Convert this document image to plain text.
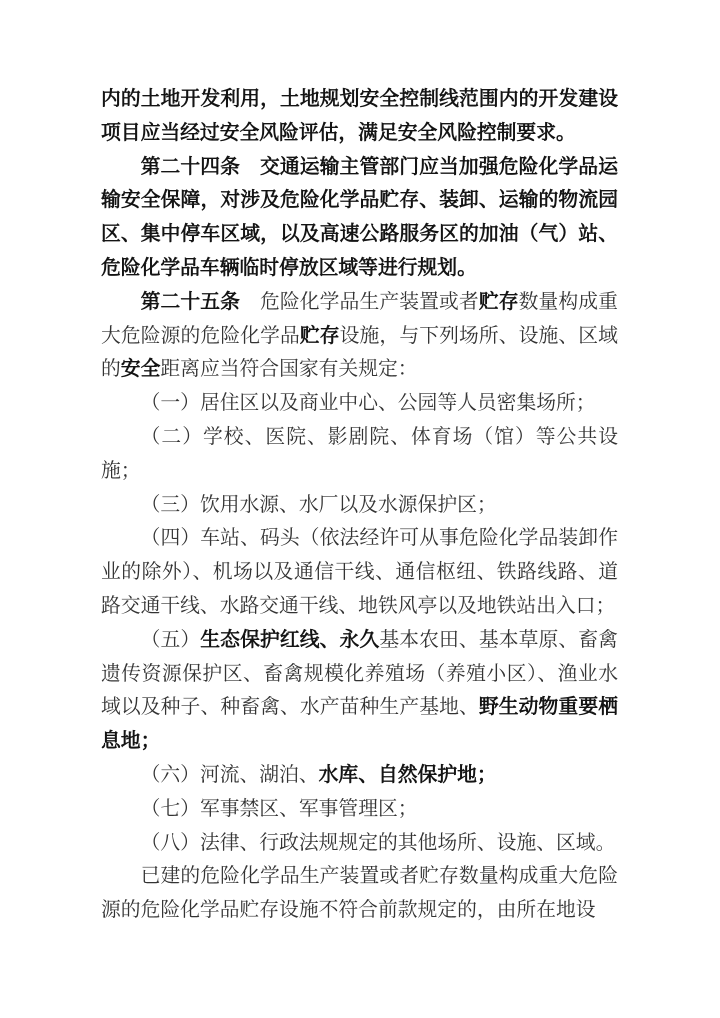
内的土地开发利用，土地规划安全控制线范围内的开发建设项目应当经过安全风险评估，满足安全风险控制要求。

第二十四条　交通运输主管部门应当加强危险化学品运输安全保障，对涉及危险化学品贮存、装卸、运输的物流园区、集中停车区域，以及高速公路服务区的加油（气）站、危险化学品车辆临时停放区域等进行规划。

第二十五条　危险化学品生产装置或者贮存数量构成重大危险源的危险化学品贮存设施，与下列场所、设施、区域的安全距离应当符合国家有关规定：

（一）居住区以及商业中心、公园等人员密集场所；

（二）学校、医院、影剧院、体育场（馆）等公共设施；

（三）饮用水源、水厂以及水源保护区；

（四）车站、码头（依法经许可从事危险化学品装卸作业的除外）、机场以及通信干线、通信枢纽、铁路线路、道路交通干线、水路交通干线、地铁风亭以及地铁站出入口；

（五）生态保护红线、永久基本农田、基本草原、畜禽遗传资源保护区、畜禽规模化养殖场（养殖小区）、渔业水域以及种子、种畜禽、水产苗种生产基地、野生动物重要栖息地；

（六）河流、湖泊、水库、自然保护地；

（七）军事禁区、军事管理区；

（八）法律、行政法规规定的其他场所、设施、区域。

已建的危险化学品生产装置或者贮存数量构成重大危险源的危险化学品贮存设施不符合前款规定的，由所在地设
